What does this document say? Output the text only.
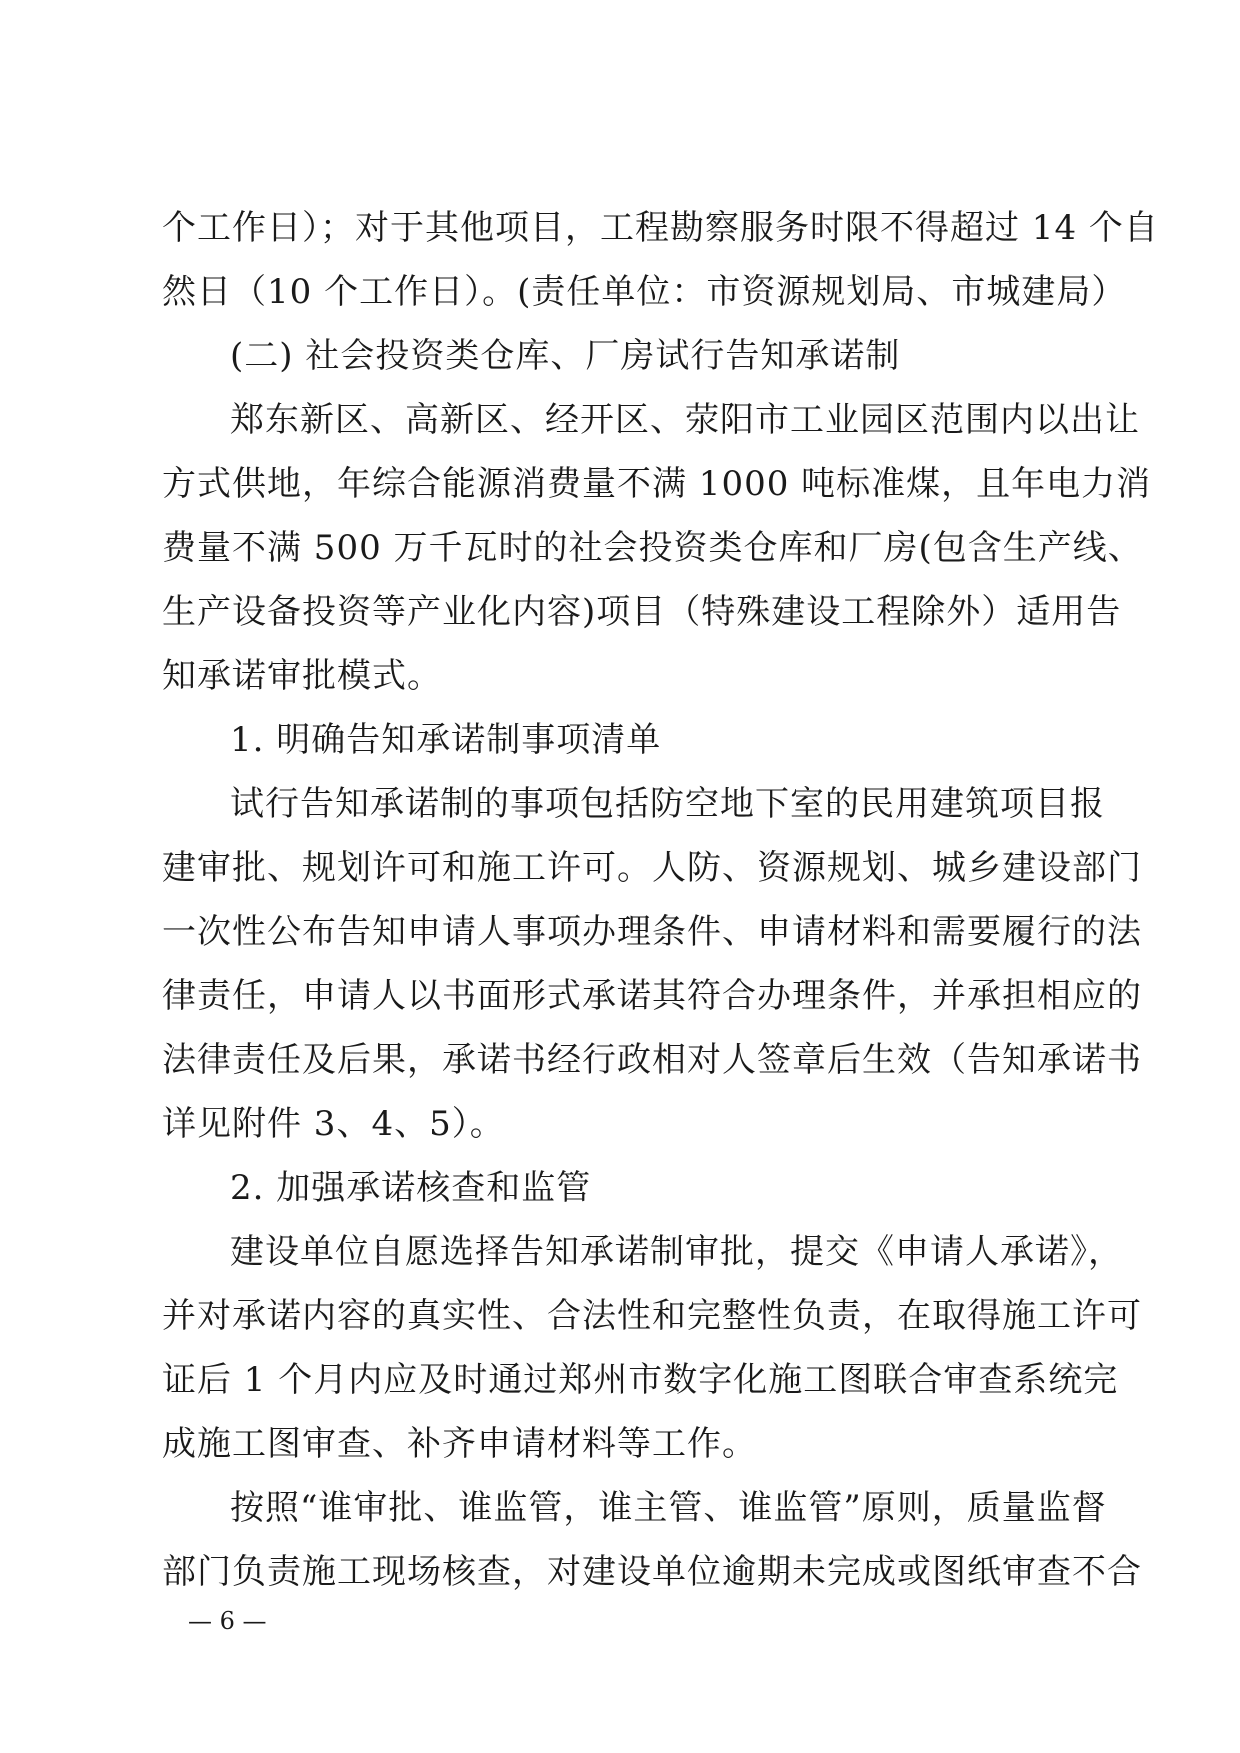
个工作日）；对于其他项目，工程勘察服务时限不得超过 14 个自
然日（10 个工作日）。(责任单位：市资源规划局、市城建局）
(二) 社会投资类仓库、厂房试行告知承诺制
郑东新区、高新区、经开区、荥阳市工业园区范围内以出让
方式供地，年综合能源消费量不满 1000 吨标准煤，且年电力消
费量不满 500 万千瓦时的社会投资类仓库和厂房(包含生产线、
生产设备投资等产业化内容)项目（特殊建设工程除外）适用告
知承诺审批模式。
1. 明确告知承诺制事项清单
试行告知承诺制的事项包括防空地下室的民用建筑项目报
建审批、规划许可和施工许可。人防、资源规划、城乡建设部门
一次性公布告知申请人事项办理条件、申请材料和需要履行的法
律责任，申请人以书面形式承诺其符合办理条件，并承担相应的
法律责任及后果，承诺书经行政相对人签章后生效（告知承诺书
详见附件 3、4、5）。
2. 加强承诺核查和监管
建设单位自愿选择告知承诺制审批，提交《申请人承诺》，
并对承诺内容的真实性、合法性和完整性负责，在取得施工许可
证后 1 个月内应及时通过郑州市数字化施工图联合审查系统完
成施工图审查、补齐申请材料等工作。
按照“谁审批、谁监管，谁主管、谁监管”原则，质量监督
部门负责施工现场核查，对建设单位逾期未完成或图纸审查不合
— 6 —
